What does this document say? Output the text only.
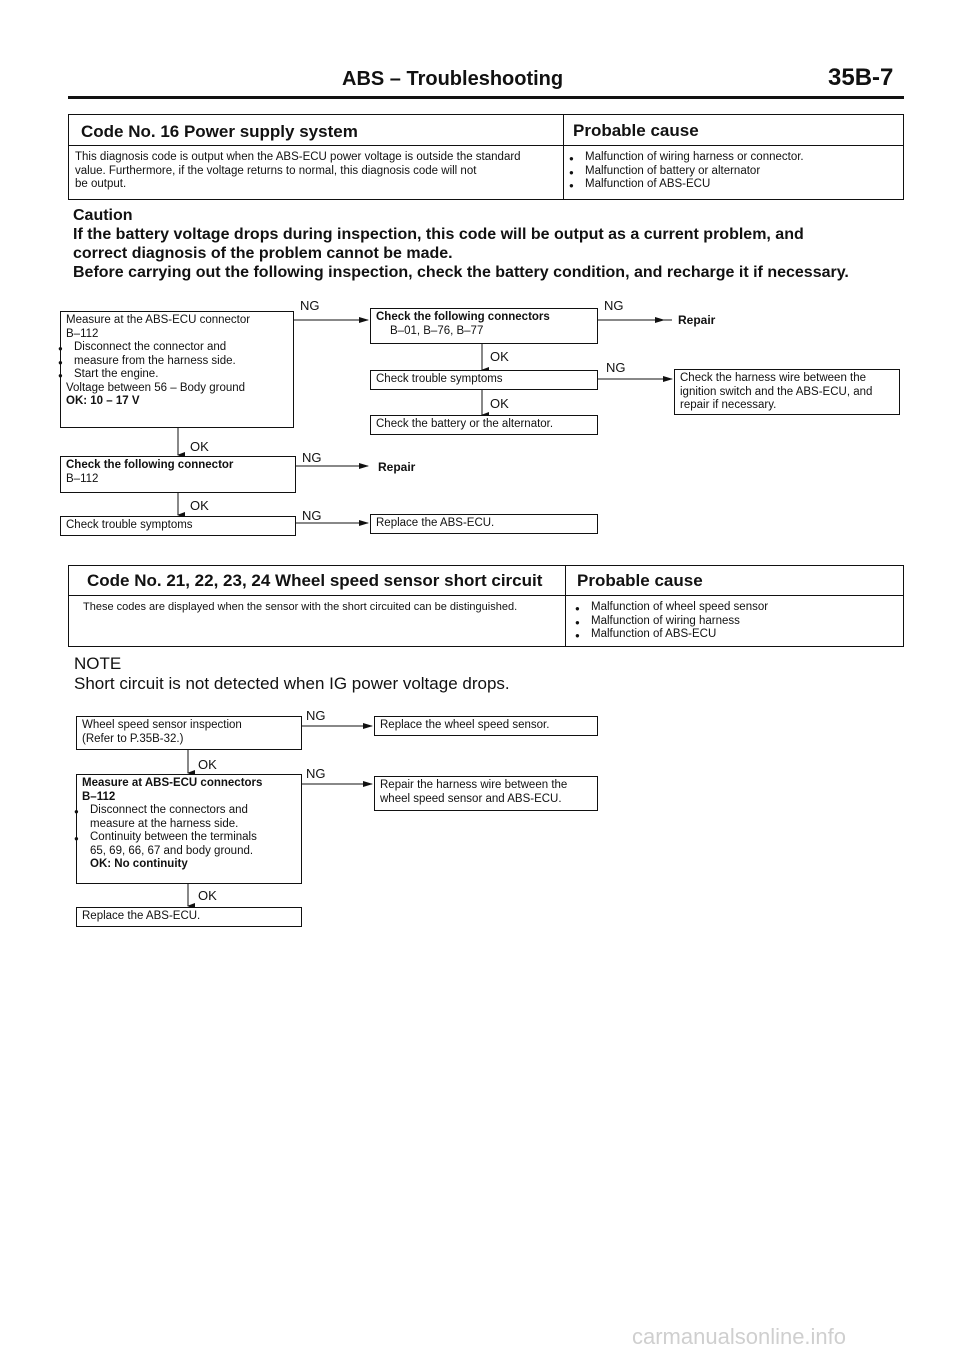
ABS – Troubleshooting	35B-7
Code No. 16 Power supply system	Probable cause
This diagnosis code is output when the ABS-ECU power voltage is outside the standard
value. Furthermore, if the voltage returns to normal, this diagnosis code will not
be output.
● Malfunction of wiring harness or connector.
● Malfunction of battery or alternator
● Malfunction of ABS-ECU
Caution
If the battery voltage drops during inspection, this code will be output as a current problem, and
correct diagnosis of the problem cannot be made.
Before carrying out the following inspection, check the battery condition, and recharge it if necessary.
Measure at the ABS-ECU connector
B–112
● Disconnect the connector and
● measure from the harness side.
● Start the engine.
Voltage between 56 – Body ground
OK: 10 – 17 V
Check the following connectors
B–01, B–76, B–77
NG	NG
Repair
OK
Check trouble symptoms
NG
Check the harness wire between the
ignition switch and the ABS-ECU, and
repair if necessary.
OK
Check the battery or the alternator.
OK
Check the following connector
B–112
NG
Repair
OK
Check trouble symptoms
NG	Replace the ABS-ECU.
Code No. 21, 22, 23, 24 Wheel speed sensor short circuit Probable cause
These codes are displayed when the sensor with the short circuited can be distinguished.
●	Malfunction of wheel speed sensor
● Malfunction of wiring harness
● Malfunction of ABS-ECU
NOTE
Short circuit is not detected when IG power voltage drops.
Wheel speed sensor inspection
(Refer to P.35B-32.)
NG
Replace the wheel speed sensor.
OK
Measure at ABS-ECU connectors
B–112
● Disconnect the connectors and
measure at the harness side.
● Continuity between the terminals
65, 69, 66, 67 and body ground.
OK: No continuity
NG
Repair the harness wire between the
wheel speed sensor and ABS-ECU.
OK
Replace the ABS-ECU.
carmanualsonline.info
